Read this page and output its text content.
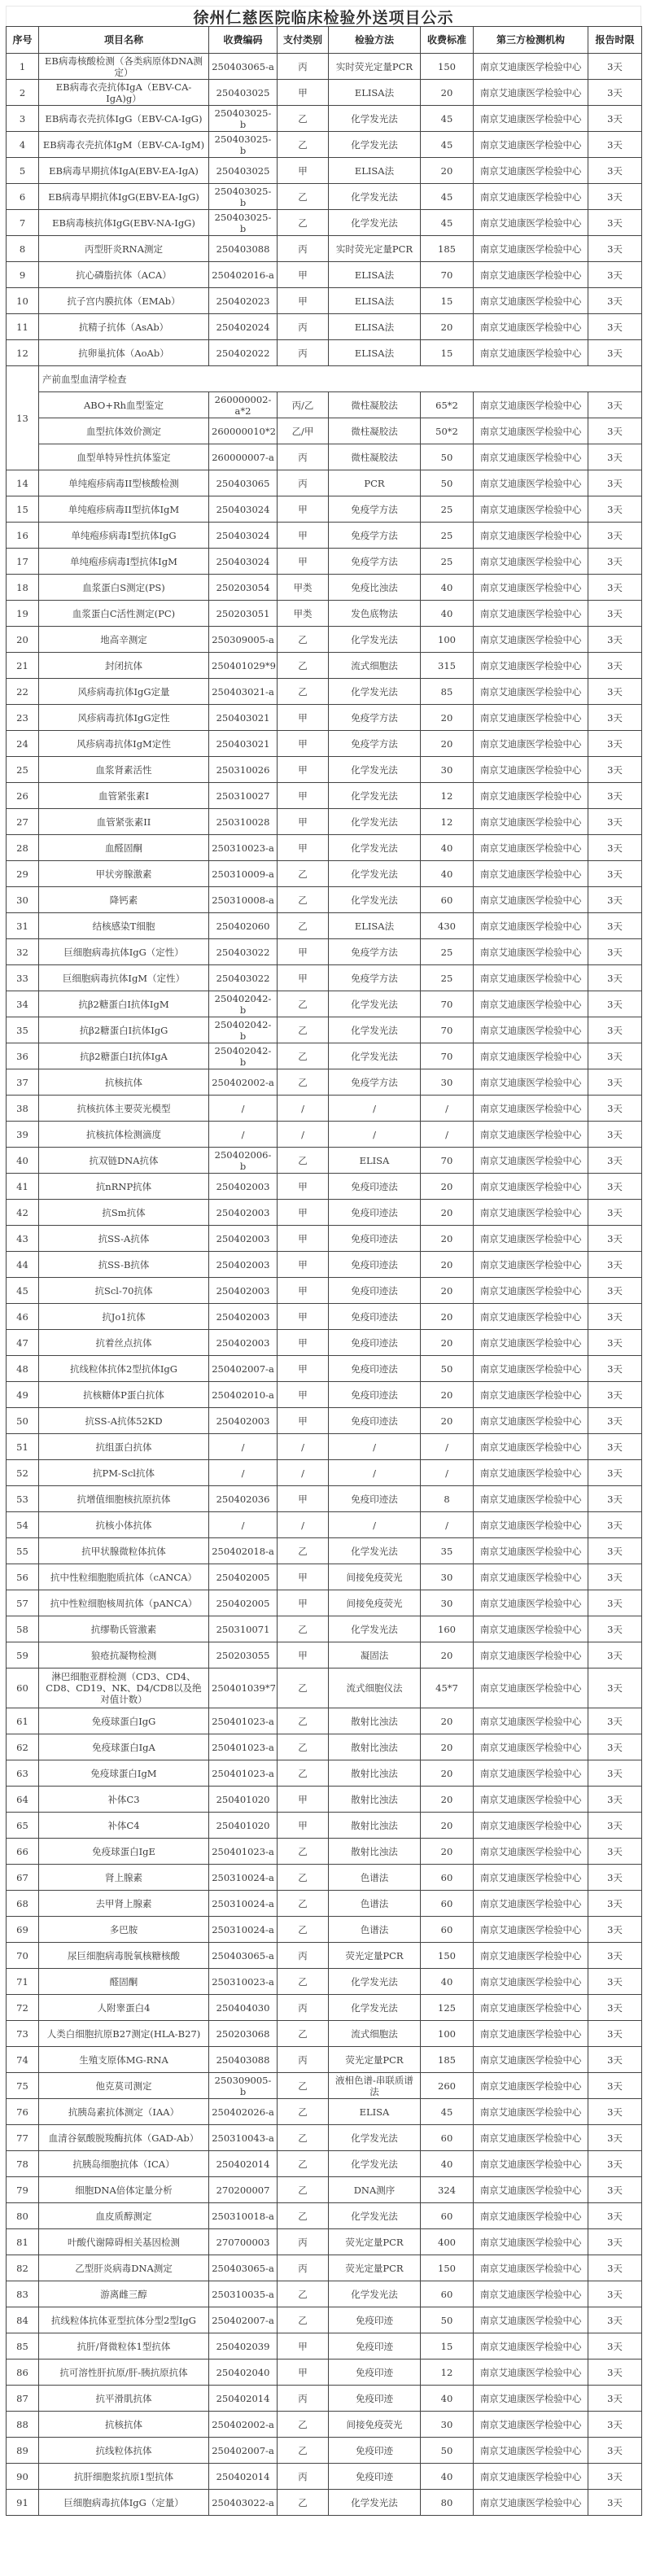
徐州仁慈医院临床检验外送项目公示
序号	项目名称	收费编码	支付类别	检验方法	收费标准	第三方检测机构	报告时限
1	EB病毒核酸检测（各类病原体DNA测定）	250403065-a	丙	实时荧光定量PCR	150	南京艾迪康医学检验中心	3天
2	EB病毒衣壳抗体IgA（EBV-CA-IgA)g）	250403025	甲	ELISA法	20	南京艾迪康医学检验中心	3天
3	EB病毒衣壳抗体IgG（EBV-CA-IgG)	250403025-b	乙	化学发光法	45	南京艾迪康医学检验中心	3天
4	EB病毒衣壳抗体IgM（EBV-CA-IgM)	250403025-b	乙	化学发光法	45	南京艾迪康医学检验中心	3天
5	EB病毒早期抗体IgA(EBV-EA-IgA)	250403025	甲	ELISA法	20	南京艾迪康医学检验中心	3天
6	EB病毒早期抗体IgG(EBV-EA-IgG)	250403025-b	乙	化学发光法	45	南京艾迪康医学检验中心	3天
7	EB病毒核抗体IgG(EBV-NA-IgG)	250403025-b	乙	化学发光法	45	南京艾迪康医学检验中心	3天
8	丙型肝炎RNA测定	250403088	丙	实时荧光定量PCR	185	南京艾迪康医学检验中心	3天
9	抗心磷脂抗体（ACA）	250402016-a	甲	ELISA法	70	南京艾迪康医学检验中心	3天
10	抗子宫内膜抗体（EMAb）	250402023	甲	ELISA法	15	南京艾迪康医学检验中心	3天
11	抗精子抗体（AsAb）	250402024	丙	ELISA法	20	南京艾迪康医学检验中心	3天
12	抗卵巢抗体（AoAb）	250402022	丙	ELISA法	15	南京艾迪康医学检验中心	3天
13	产前血型血清学检查						
	ABO+Rh血型鉴定	260000002-a*2	丙/乙	微柱凝胶法	65*2	南京艾迪康医学检验中心	3天
	血型抗体效价测定	260000010*2	乙/甲	微柱凝胶法	50*2	南京艾迪康医学检验中心	3天
	血型单特异性抗体鉴定	260000007-a	丙	微柱凝胶法	50	南京艾迪康医学检验中心	3天
14	单纯疱疹病毒II型核酸检测	250403065	丙	PCR	50	南京艾迪康医学检验中心	3天
15	单纯疱疹病毒II型抗体IgM	250403024	甲	免疫学方法	25	南京艾迪康医学检验中心	3天
16	单纯疱疹病毒I型抗体IgG	250403024	甲	免疫学方法	25	南京艾迪康医学检验中心	3天
17	单纯疱疹病毒I型抗体IgM	250403024	甲	免疫学方法	25	南京艾迪康医学检验中心	3天
18	血浆蛋白S测定(PS)	250203054	甲类	免疫比浊法	40	南京艾迪康医学检验中心	3天
19	血浆蛋白C活性测定(PC)	250203051	甲类	发色底物法	40	南京艾迪康医学检验中心	3天
20	地高辛测定	250309005-a	乙	化学发光法	100	南京艾迪康医学检验中心	3天
21	封闭抗体	250401029*9	乙	流式细胞法	315	南京艾迪康医学检验中心	3天
22	风疹病毒抗体IgG定量	250403021-a	乙	化学发光法	85	南京艾迪康医学检验中心	3天
23	风疹病毒抗体IgG定性	250403021	甲	免疫学方法	20	南京艾迪康医学检验中心	3天
24	风疹病毒抗体IgM定性	250403021	甲	免疫学方法	20	南京艾迪康医学检验中心	3天
25	血浆肾素活性	250310026	甲	化学发光法	30	南京艾迪康医学检验中心	3天
26	血管紧张素I	250310027	甲	化学发光法	12	南京艾迪康医学检验中心	3天
27	血管紧张素II	250310028	甲	化学发光法	12	南京艾迪康医学检验中心	3天
28	血醛固酮	250310023-a	甲	化学发光法	40	南京艾迪康医学检验中心	3天
29	甲状旁腺激素	250310009-a	乙	化学发光法	40	南京艾迪康医学检验中心	3天
30	降钙素	250310008-a	乙	化学发光法	60	南京艾迪康医学检验中心	3天
31	结核感染T细胞	250402060	乙	ELISA法	430	南京艾迪康医学检验中心	3天
32	巨细胞病毒抗体IgG（定性）	250403022	甲	免疫学方法	25	南京艾迪康医学检验中心	3天
33	巨细胞病毒抗体IgM（定性）	250403022	甲	免疫学方法	25	南京艾迪康医学检验中心	3天
34	抗β2糖蛋白I抗体IgM	250402042-b	乙	化学发光法	70	南京艾迪康医学检验中心	3天
35	抗β2糖蛋白I抗体IgG	250402042-b	乙	化学发光法	70	南京艾迪康医学检验中心	3天
36	抗β2糖蛋白I抗体IgA	250402042-b	乙	化学发光法	70	南京艾迪康医学检验中心	3天
37	抗核抗体	250402002-a	乙	免疫学方法	30	南京艾迪康医学检验中心	3天
38	抗核抗体主要荧光模型	/	/	/	/	南京艾迪康医学检验中心	3天
39	抗核抗体检测滴度	/	/	/	/	南京艾迪康医学检验中心	3天
40	抗双链DNA抗体	250402006-b	乙	ELISA	70	南京艾迪康医学检验中心	3天
41	抗nRNP抗体	250402003	甲	免疫印迹法	20	南京艾迪康医学检验中心	3天
42	抗Sm抗体	250402003	甲	免疫印迹法	20	南京艾迪康医学检验中心	3天
43	抗SS-A抗体	250402003	甲	免疫印迹法	20	南京艾迪康医学检验中心	3天
44	抗SS-B抗体	250402003	甲	免疫印迹法	20	南京艾迪康医学检验中心	3天
45	抗Scl-70抗体	250402003	甲	免疫印迹法	20	南京艾迪康医学检验中心	3天
46	抗Jo1抗体	250402003	甲	免疫印迹法	20	南京艾迪康医学检验中心	3天
47	抗着丝点抗体	250402003	甲	免疫印迹法	20	南京艾迪康医学检验中心	3天
48	抗线粒体抗体2型抗体IgG	250402007-a	甲	免疫印迹法	50	南京艾迪康医学检验中心	3天
49	抗核糖体P蛋白抗体	250402010-a	甲	免疫印迹法	20	南京艾迪康医学检验中心	3天
50	抗SS-A抗体52KD	250402003	甲	免疫印迹法	20	南京艾迪康医学检验中心	3天
51	抗组蛋白抗体	/	/	/	/	南京艾迪康医学检验中心	3天
52	抗PM-Scl抗体	/	/	/	/	南京艾迪康医学检验中心	3天
53	抗增值细胞核抗原抗体	250402036	甲	免疫印迹法	8	南京艾迪康医学检验中心	3天
54	抗核小体抗体	/	/	/	/	南京艾迪康医学检验中心	3天
55	抗甲状腺微粒体抗体	250402018-a	乙	化学发光法	35	南京艾迪康医学检验中心	3天
56	抗中性粒细胞胞质抗体（cANCA）	250402005	甲	间接免疫荧光	30	南京艾迪康医学检验中心	3天
57	抗中性粒细胞核周抗体（pANCA）	250402005	甲	间接免疫荧光	30	南京艾迪康医学检验中心	3天
58	抗缪勒氏管激素	250310071	乙	化学发光法	160	南京艾迪康医学检验中心	3天
59	狼疮抗凝物检测	250203055	甲	凝固法	20	南京艾迪康医学检验中心	3天
60	淋巴细胞亚群检测（CD3、CD4、CD8、CD19、NK、D4/CD8以及绝对值计数）	250401039*7	乙	流式细胞仪法	45*7	南京艾迪康医学检验中心	3天
61	免疫球蛋白IgG	250401023-a	乙	散射比浊法	20	南京艾迪康医学检验中心	3天
62	免疫球蛋白IgA	250401023-a	乙	散射比浊法	20	南京艾迪康医学检验中心	3天
63	免疫球蛋白IgM	250401023-a	乙	散射比浊法	20	南京艾迪康医学检验中心	3天
64	补体C3	250401020	甲	散射比浊法	20	南京艾迪康医学检验中心	3天
65	补体C4	250401020	甲	散射比浊法	20	南京艾迪康医学检验中心	3天
66	免疫球蛋白IgE	250401023-a	乙	散射比浊法	20	南京艾迪康医学检验中心	3天
67	肾上腺素	250310024-a	乙	色谱法	60	南京艾迪康医学检验中心	3天
68	去甲肾上腺素	250310024-a	乙	色谱法	60	南京艾迪康医学检验中心	3天
69	多巴胺	250310024-a	乙	色谱法	60	南京艾迪康医学检验中心	3天
70	尿巨细胞病毒脱氧核糖核酸	250403065-a	丙	荧光定量PCR	150	南京艾迪康医学检验中心	3天
71	醛固酮	250310023-a	乙	化学发光法	40	南京艾迪康医学检验中心	3天
72	人附睾蛋白4	250404030	丙	化学发光法	125	南京艾迪康医学检验中心	3天
73	人类白细胞抗原B27测定(HLA-B27)	250203068	乙	流式细胞法	100	南京艾迪康医学检验中心	3天
74	生殖支原体MG-RNA	250403088	丙	荧光定量PCR	185	南京艾迪康医学检验中心	3天
75	他克莫司测定	250309005-b	乙	液相色谱-串联质谱法	260	南京艾迪康医学检验中心	3天
76	抗胰岛素抗体测定（IAA）	250402026-a	乙	ELISA	45	南京艾迪康医学检验中心	3天
77	血清谷氨酸脱羧酶抗体（GAD-Ab）	250310043-a	乙	化学发光法	60	南京艾迪康医学检验中心	3天
78	抗胰岛细胞抗体（ICA）	250402014	乙	化学发光法	40	南京艾迪康医学检验中心	3天
79	细胞DNA倍体定量分析	270200007	乙	DNA测序	324	南京艾迪康医学检验中心	3天
80	血皮质醇测定	250310018-a	乙	化学发光法	60	南京艾迪康医学检验中心	3天
81	叶酸代谢障碍相关基因检测	270700003	丙	荧光定量PCR	400	南京艾迪康医学检验中心	3天
82	乙型肝炎病毒DNA测定	250403065-a	丙	荧光定量PCR	150	南京艾迪康医学检验中心	3天
83	游离雌三醇	250310035-a	乙	化学发光法	60	南京艾迪康医学检验中心	3天
84	抗线粒体抗体亚型抗体分型2型IgG	250402007-a	乙	免疫印迹	50	南京艾迪康医学检验中心	3天
85	抗肝/肾微粒体1型抗体	250402039	甲	免疫印迹	15	南京艾迪康医学检验中心	3天
86	抗可溶性肝抗原/肝-胰抗原抗体	250402040	甲	免疫印迹	12	南京艾迪康医学检验中心	3天
87	抗平滑肌抗体	250402014	丙	免疫印迹	40	南京艾迪康医学检验中心	3天
88	抗核抗体	250402002-a	乙	间接免疫荧光	30	南京艾迪康医学检验中心	3天
89	抗线粒体抗体	250402007-a	乙	免疫印迹	50	南京艾迪康医学检验中心	3天
90	抗肝细胞浆抗原1型抗体	250402014	丙	免疫印迹	40	南京艾迪康医学检验中心	3天
91	巨细胞病毒抗体IgG（定量）	250403022-a	乙	化学发光法	80	南京艾迪康医学检验中心	3天
